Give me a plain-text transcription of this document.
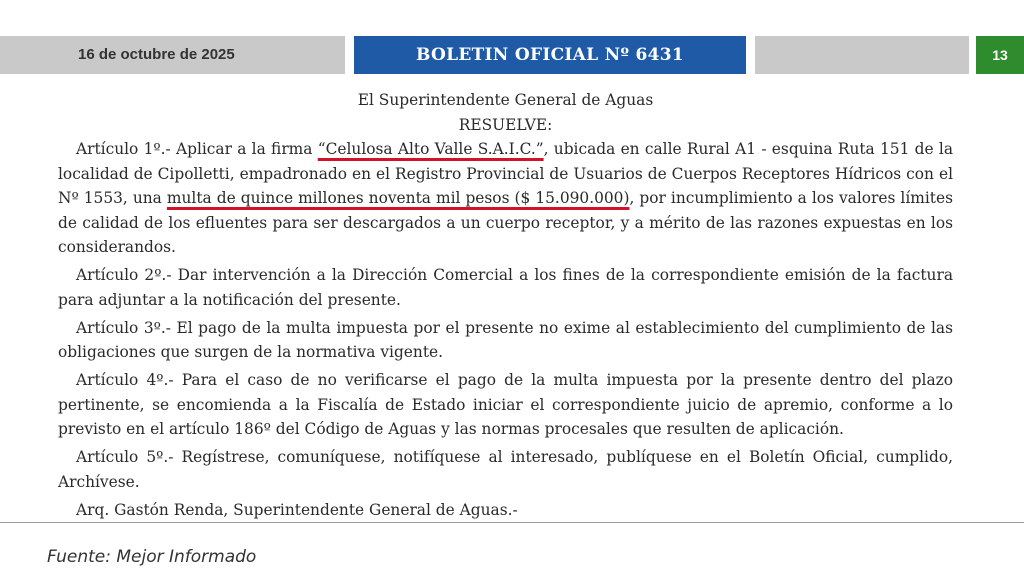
16 de octubre de 2025	BOLETIN OFICIAL Nº 6431	13

El Superintendente General de Aguas

RESUELVE:

Artículo 1º.- Aplicar a la firma “Celulosa Alto Valle S.A.I.C.”, ubicada en calle Rural A1 - esquina Ruta 151 de la localidad de Cipolletti, empadronado en el Registro Provincial de Usuarios de Cuerpos Receptores Hídricos con el Nº 1553, una multa de quince millones noventa mil pesos ($ 15.090.000), por incumplimiento a los valores límites de calidad de los efluentes para ser descargados a un cuerpo receptor, y a mérito de las razones expuestas en los considerandos.

Artículo 2º.- Dar intervención a la Dirección Comercial a los fines de la correspondiente emisión de la factura para adjuntar a la notificación del presente.

Artículo 3º.- El pago de la multa impuesta por el presente no exime al establecimiento del cumplimiento de las obligaciones que surgen de la normativa vigente.

Artículo 4º.- Para el caso de no verificarse el pago de la multa impuesta por la presente dentro del plazo pertinente, se encomienda a la Fiscalía de Estado iniciar el correspondiente juicio de apremio, conforme a lo previsto en el artículo 186º del Código de Aguas y las normas procesales que resulten de aplicación.

Artículo 5º.- Regístrese, comuníquese, notifíquese al interesado, publíquese en el Boletín Oficial, cumplido, Archívese.

Arq. Gastón Renda, Superintendente General de Aguas.-

Fuente: Mejor Informado
